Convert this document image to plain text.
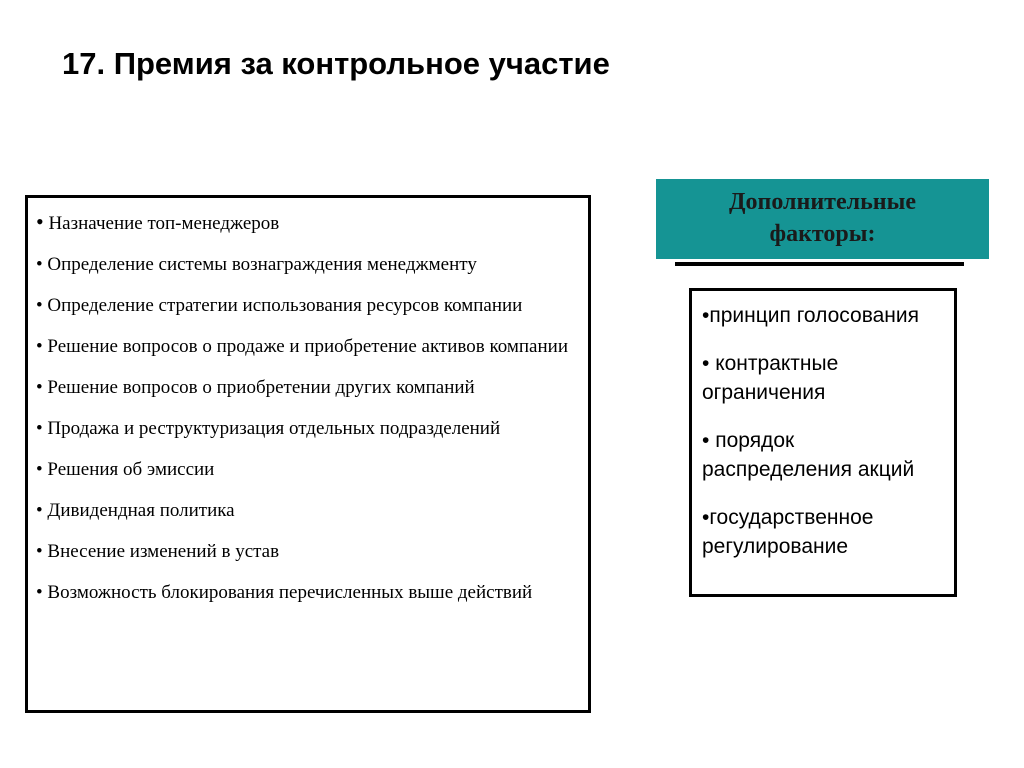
17. Премия за контрольное участие

• Назначение топ-менеджеров

• Определение системы вознаграждения менеджменту

• Определение стратегии использования ресурсов компании

• Решение вопросов о продаже и приобретение активов компании

• Решение вопросов о приобретении других компаний

• Продажа и реструктуризация отдельных подразделений

• Решения об эмиссии

• Дивидендная политика

• Внесение изменений в устав

• Возможность блокирования перечисленных выше действий

Дополнительные
факторы:
•принцип голосования
• контрактные ограничения
• порядок распределения акций
•государственное регулирование
